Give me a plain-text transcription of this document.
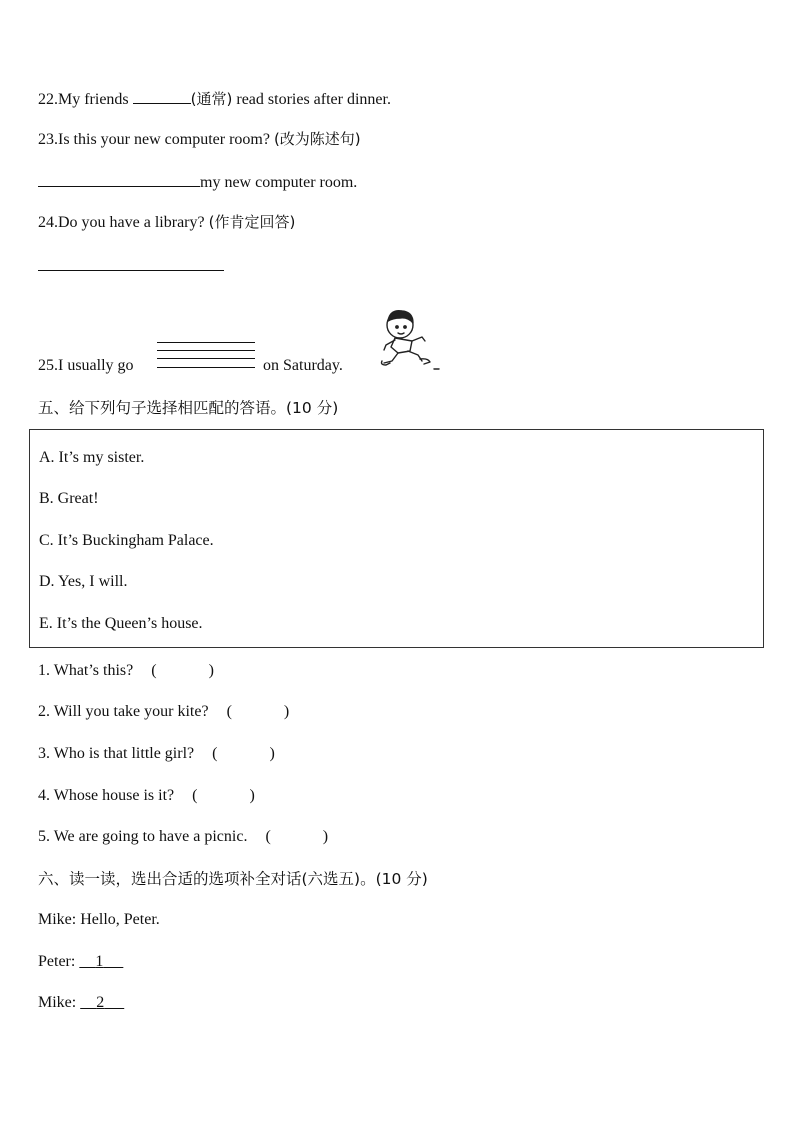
22.My friends	(通常) read stories after dinner.
23.Is this your new computer room? (改为陈述句)
my new computer room.
24.Do you have a library? (作肯定回答)
25.I usually go	on Saturday.
五、给下列句子选择相匹配的答语。(10 分)
A. It’s my sister.
B. Great!
C. It’s Buckingham Palace.
D. Yes, I will.
E. It’s the Queen’s house.
1. What’s this? (	)
2. Will you take your kite? (	)
3. Who is that little girl? (	)
4. Whose house is it? (	)
5. We are going to have a picnic. (	)
六、读一读，选出合适的选项补全对话(六选五)。(10 分)
Mike: Hello, Peter.
Peter: 1
Mike: 2
